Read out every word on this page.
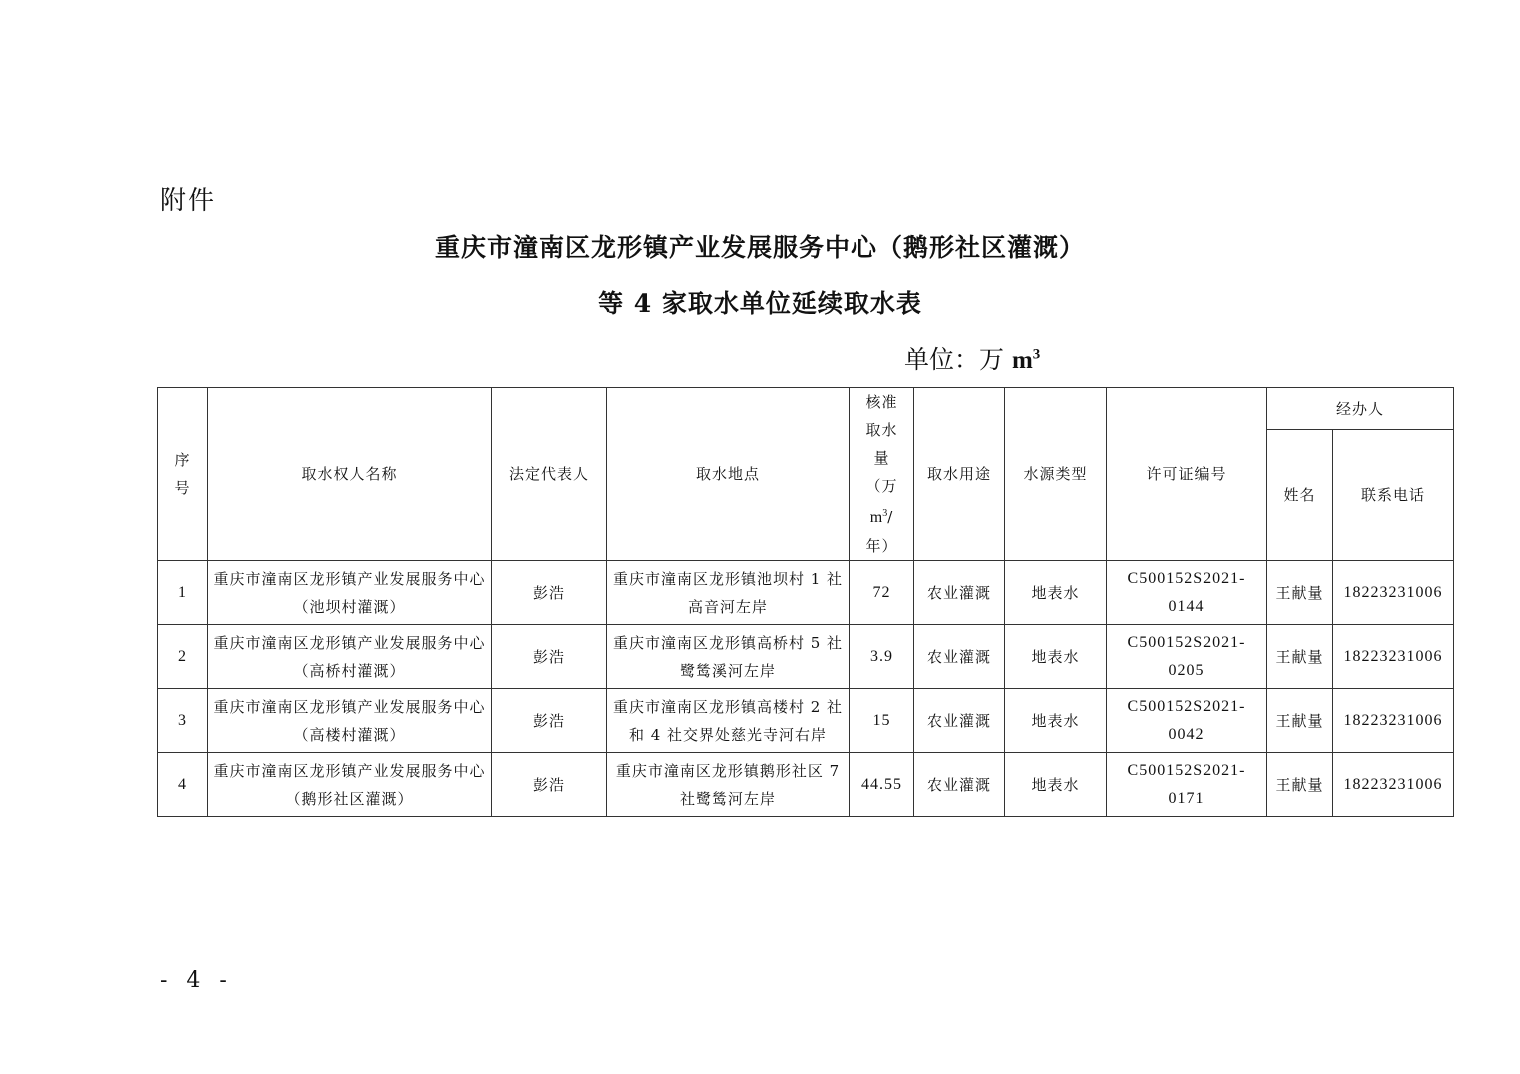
附件
重庆市潼南区龙形镇产业发展服务中心（鹅形社区灌溉）
等 4 家取水单位延续取水表
单位：万 $m^3$
序号	取水权人名称	法定代表人	取水地点	核准取水量（万$m^3/$年）	取水用途	水源类型	许可证编号	经办人	
								姓名	联系电话
1	重庆市潼南区龙形镇产业发展服务中心（池坝村灌溉）	彭浩	重庆市潼南区龙形镇池坝村 1 社高音河左岸	72	农业灌溉	地表水	C500152S2021-0144	王献量	18223231006
2	重庆市潼南区龙形镇产业发展服务中心（高桥村灌溉）	彭浩	重庆市潼南区龙形镇高桥村 5 社鹭鸶溪河左岸	3.9	农业灌溉	地表水	C500152S2021-0205	王献量	18223231006
3	重庆市潼南区龙形镇产业发展服务中心（高楼村灌溉）	彭浩	重庆市潼南区龙形镇高楼村 2 社和 4 社交界处慈光寺河右岸	15	农业灌溉	地表水	C500152S2021-0042	王献量	18223231006
4	重庆市潼南区龙形镇产业发展服务中心（鹅形社区灌溉）	彭浩	重庆市潼南区龙形镇鹅形社区 7 社鹭鸶河左岸	44.55	农业灌溉	地表水	C500152S2021-0171	王献量	18223231006
- 4 -
